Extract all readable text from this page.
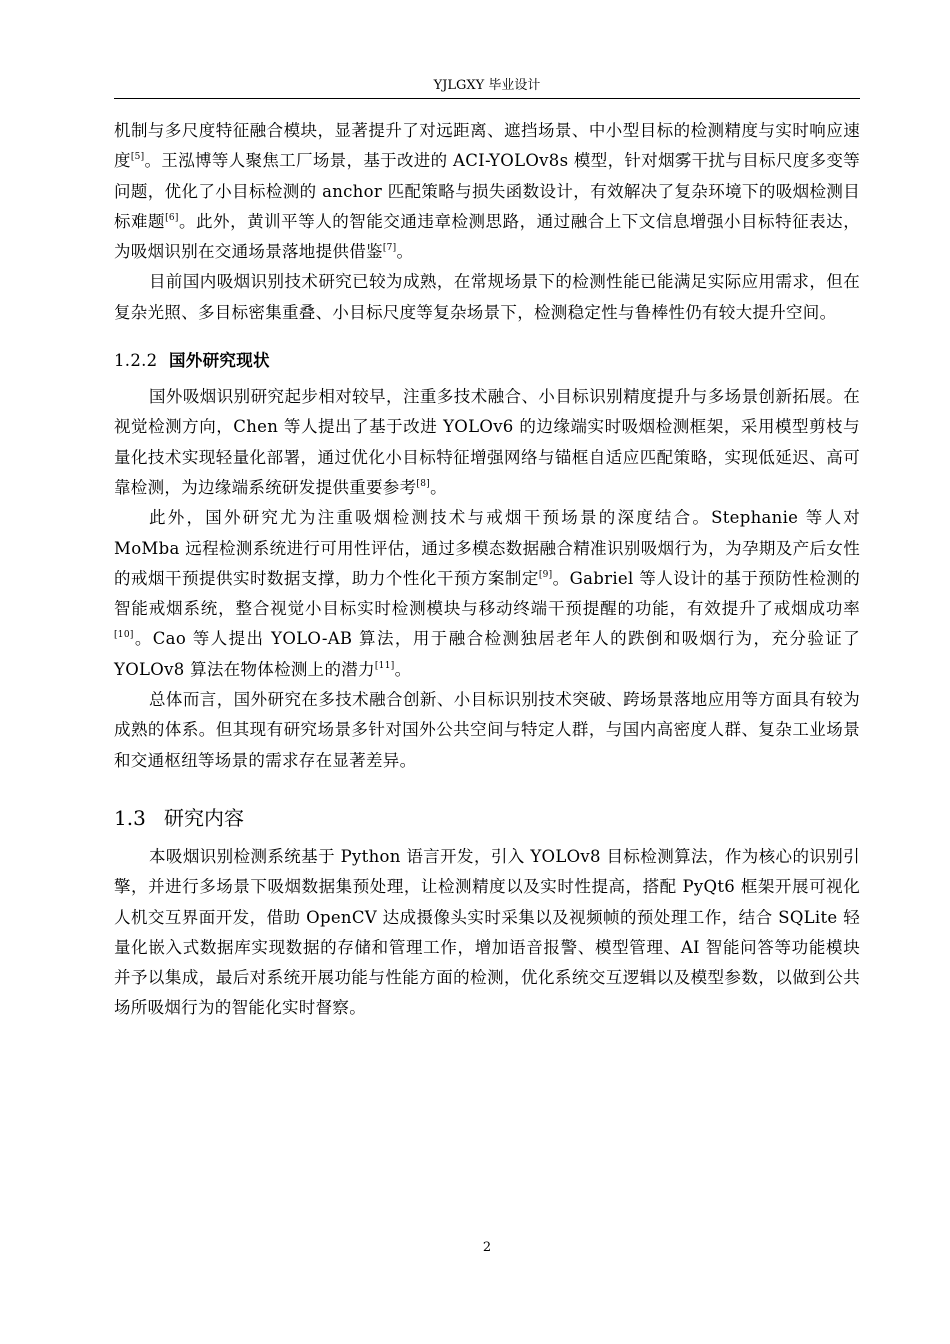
YJLGXY 毕业设计

机制与多尺度特征融合模块，显著提升了对远距离、遮挡场景、中小型目标的检测精度与实时响应速度[5]。王泓博等人聚焦工厂场景，基于改进的 ACI-YOLOv8s 模型，针对烟雾干扰与目标尺度多变等问题，优化了小目标检测的 anchor 匹配策略与损失函数设计，有效解决了复杂环境下的吸烟检测目标难题[6]。此外，黄训平等人的智能交通违章检测思路，通过融合上下文信息增强小目标特征表达，为吸烟识别在交通场景落地提供借鉴[7]。

目前国内吸烟识别技术研究已较为成熟，在常规场景下的检测性能已能满足实际应用需求，但在复杂光照、多目标密集重叠、小目标尺度等复杂场景下，检测稳定性与鲁棒性仍有较大提升空间。

1.2.2 国外研究现状

国外吸烟识别研究起步相对较早，注重多技术融合、小目标识别精度提升与多场景创新拓展。在视觉检测方向，Chen 等人提出了基于改进 YOLOv6 的边缘端实时吸烟检测框架，采用模型剪枝与量化技术实现轻量化部署，通过优化小目标特征增强网络与锚框自适应匹配策略，实现低延迟、高可靠检测，为边缘端系统研发提供重要参考[8]。

此外，国外研究尤为注重吸烟检测技术与戒烟干预场景的深度结合。Stephanie 等人对 MoMba 远程检测系统进行可用性评估，通过多模态数据融合精准识别吸烟行为，为孕期及产后女性的戒烟干预提供实时数据支撑，助力个性化干预方案制定[9]。Gabriel 等人设计的基于预防性检测的智能戒烟系统，整合视觉小目标实时检测模块与移动终端干预提醒的功能，有效提升了戒烟成功率[10]。Cao 等人提出 YOLO-AB 算法，用于融合检测独居老年人的跌倒和吸烟行为，充分验证了 YOLOv8 算法在物体检测上的潜力[11]。

总体而言，国外研究在多技术融合创新、小目标识别技术突破、跨场景落地应用等方面具有较为成熟的体系。但其现有研究场景多针对国外公共空间与特定人群，与国内高密度人群、复杂工业场景和交通枢纽等场景的需求存在显著差异。

1.3 研究内容

本吸烟识别检测系统基于 Python 语言开发，引入 YOLOv8 目标检测算法，作为核心的识别引擎，并进行多场景下吸烟数据集预处理，让检测精度以及实时性提高，搭配 PyQt6 框架开展可视化人机交互界面开发，借助 OpenCV 达成摄像头实时采集以及视频帧的预处理工作，结合 SQLite 轻量化嵌入式数据库实现数据的存储和管理工作，增加语音报警、模型管理、AI 智能问答等功能模块并予以集成，最后对系统开展功能与性能方面的检测，优化系统交互逻辑以及模型参数，以做到公共场所吸烟行为的智能化实时督察。

2
